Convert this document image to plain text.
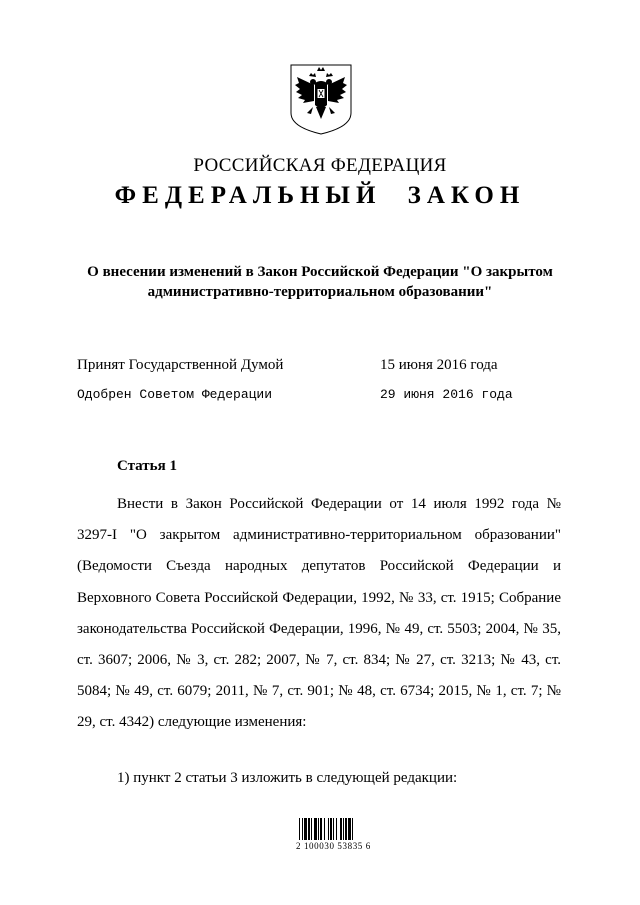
РОССИЙСКАЯ ФЕДЕРАЦИЯ
ФЕДЕРАЛЬНЫЙ ЗАКОН
О внесении изменений в Закон Российской Федерации "О закрытом административно-территориальном образовании"
Принят Государственной Думой	15 июня 2016 года
Одобрен Советом Федерации	29 июня 2016 года
Статья 1

Внести в Закон Российской Федерации от 14 июля 1992 года № 3297-I "О закрытом административно-территориальном образовании" (Ведомости Съезда народных депутатов Российской Федерации и Верховного Совета Российской Федерации, 1992, № 33, ст. 1915; Собрание законодательства Российской Федерации, 1996, № 49, ст. 5503; 2004, № 35, ст. 3607; 2006, № 3, ст. 282; 2007, № 7, ст. 834; № 27, ст. 3213; № 43, ст. 5084; № 49, ст. 6079; 2011, № 7, ст. 901; № 48, ст. 6734; 2015, № 1, ст. 7; № 29, ст. 4342) следующие изменения:

1) пункт 2 статьи 3 изложить в следующей редакции:
2 100030 53835 6
